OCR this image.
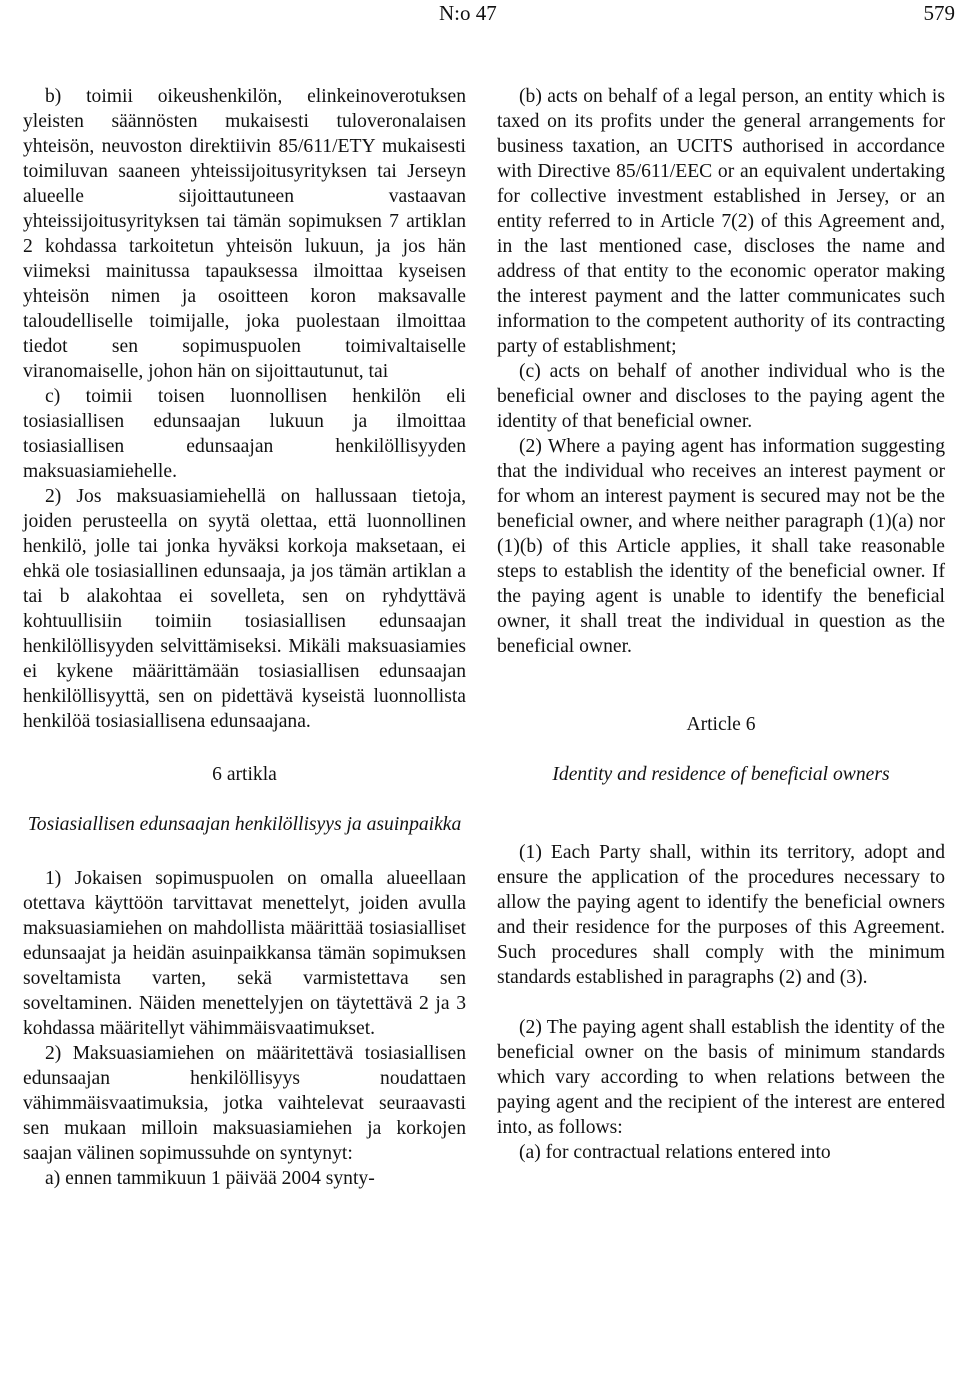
N:o 47	579

b) toimii oikeushenkilön, elinkeinoverotuksen yleisten säännösten mukaisesti tuloveronalaisen yhteisön, neuvoston direktiivin 85/611/ETY mukaisesti toimiluvan saaneen yhteissijoitusyrityksen tai Jerseyn alueelle sijoittautuneen vastaavan yhteissijoitusyrityksen tai tämän sopimuksen 7 artiklan 2 kohdassa tarkoitetun yhteisön lukuun, ja jos hän viimeksi mainitussa tapauksessa ilmoittaa kyseisen yhteisön nimen ja osoitteen koron maksavalle taloudelliselle toimijalle, joka puolestaan ilmoittaa tiedot sen sopimuspuolen toimivaltaiselle viranomaiselle, johon hän on sijoittautunut, tai

c) toimii toisen luonnollisen henkilön eli tosiasiallisen edunsaajan lukuun ja ilmoittaa tosiasiallisen edunsaajan henkilöllisyyden maksuasiamiehelle.

2) Jos maksuasiamiehellä on hallussaan tietoja, joiden perusteella on syytä olettaa, että luonnollinen henkilö, jolle tai jonka hyväksi korkoja maksetaan, ei ehkä ole tosiasiallinen edunsaaja, ja jos tämän artiklan a tai b alakohtaa ei sovelleta, sen on ryhdyttävä kohtuullisiin toimiin tosiasiallisen edunsaajan henkilöllisyyden selvittämiseksi. Mikäli maksuasiamies ei kykene määrittämään tosiasiallisen edunsaajan henkilöllisyyttä, sen on pidettävä kyseistä luonnollista henkilöä tosiasiallisena edunsaajana.

6 artikla

Tosiasiallisen edunsaajan henkilöllisyys ja asuinpaikka

1) Jokaisen sopimuspuolen on omalla alueellaan otettava käyttöön tarvittavat menettelyt, joiden avulla maksuasiamiehen on mahdollista määrittää tosiasialliset edunsaajat ja heidän asuinpaikkansa tämän sopimuksen soveltamista varten, sekä varmistettava sen soveltaminen. Näiden menettelyjen on täytettävä 2 ja 3 kohdassa määritellyt vähimmäisvaatimukset.

2) Maksuasiamiehen on määritettävä tosiasiallisen edunsaajan henkilöllisyys noudattaen vähimmäisvaatimuksia, jotka vaihtelevat seuraavasti sen mukaan milloin maksuasiamiehen ja korkojen saajan välinen sopimussuhde on syntynyt:

a) ennen tammikuun 1 päivää 2004 synty-

(b) acts on behalf of a legal person, an entity which is taxed on its profits under the general arrangements for business taxation, an UCITS authorised in accordance with Directive 85/611/EEC or an equivalent undertaking for collective investment established in Jersey, or an entity referred to in Article 7(2) of this Agreement and, in the last mentioned case, discloses the name and address of that entity to the economic operator making the interest payment and the latter communicates such information to the competent authority of its contracting party of establishment;

(c) acts on behalf of another individual who is the beneficial owner and discloses to the paying agent the identity of that beneficial owner.

(2) Where a paying agent has information suggesting that the individual who receives an interest payment or for whom an interest payment is secured may not be the beneficial owner, and where neither paragraph (1)(a) nor (1)(b) of this Article applies, it shall take reasonable steps to establish the identity of the beneficial owner. If the paying agent is unable to identify the beneficial owner, it shall treat the individual in question as the beneficial owner.

Article 6

Identity and residence of beneficial owners

(1) Each Party shall, within its territory, adopt and ensure the application of the procedures necessary to allow the paying agent to identify the beneficial owners and their residence for the purposes of this Agreement. Such procedures shall comply with the minimum standards established in paragraphs (2) and (3).

(2) The paying agent shall establish the identity of the beneficial owner on the basis of minimum standards which vary according to when relations between the paying agent and the recipient of the interest are entered into, as follows:

(a) for contractual relations entered into
